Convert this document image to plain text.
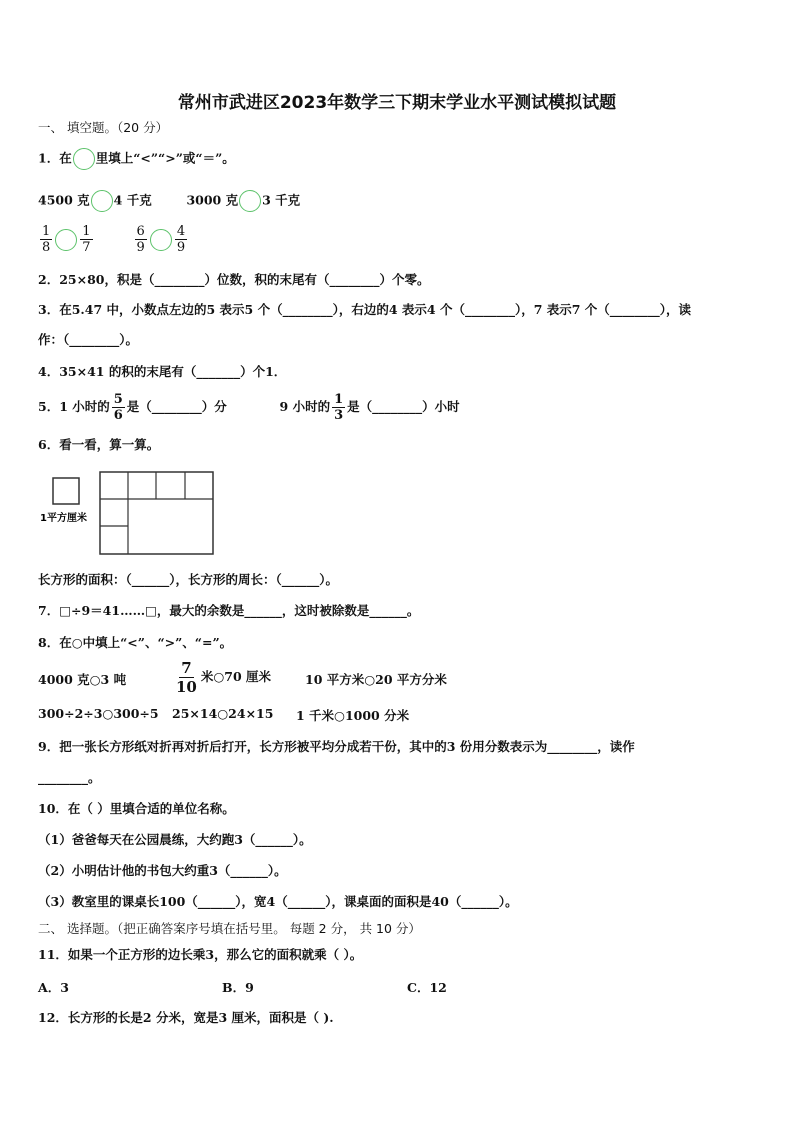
常州市武进区2023年数学三下期末学业水平测试模拟试题
一、 填空题。（20 分）
1．在 里填上“<”“>”或“＝”。
4500 克 4 千克	3000 克 3 千克
$\frac{1}{8} \frac{1}{7}$
	$\frac{6}{9} \frac{4}{9}$
2．25×80，积是（________）位数，积的末尾有（________）个零。
3．在5.47 中，小数点左边的5 表示5 个（________），右边的4 表示4 个（________），7 表示7 个（________），读
作：（________）。
4．35×41 的积的末尾有（_______）个1．
5．1 小时的 $\frac{5}{6}$ 是（________）分	9 小时的 $\frac{1}{3}$ 是（________）小时
6．看一看，算一算。
1平方厘米
长方形的面积：（______），长方形的周长：（______）。
7．□÷9＝41……□，最大的余数是______，这时被除数是______。
8．在○中填上“<”、“>”、“=”。
4000 克○3 吨	$\frac{7}{10}$ 米○70 厘米	10 平方米○20 平方分米
300÷2÷3○300÷5 25×14○24×15 1 千米○1000 分米
9．把一张长方形纸对折再对折后打开，长方形被平均分成若干份，其中的3 份用分数表示为________，读作
________。
10．在（ ）里填合适的单位名称。
（1）爸爸每天在公园晨练，大约跑3（______）。
（2）小明估计他的书包大约重3（______）。
（3）教室里的课桌长100（______），宽4（______），课桌面的面积是40（______）。
二、 选择题。（把正确答案序号填在括号里。 每题 2 分， 共 10 分）
11．如果一个正方形的边长乘3，那么它的面积就乘（ ）。
A．3	B．9	C．12
12．长方形的长是2 分米，宽是3 厘米，面积是（ ).
